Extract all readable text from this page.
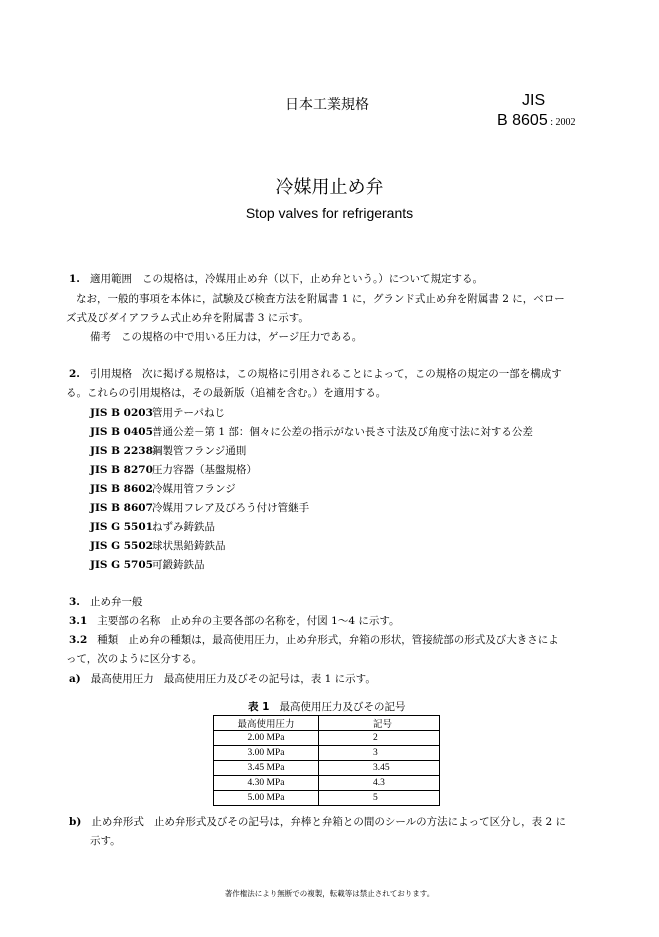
日本工業規格	JIS
B 8605 : 2002
冷媒用止め弁
Stop valves for refrigerants
1. 適用範囲 この規格は，冷媒用止め弁（以下，止め弁という。）について規定する。
なお，一般的事項を本体に，試験及び検査方法を附属書 1 に，グランド式止め弁を附属書 2 に，ベロー
ズ式及びダイアフラム式止め弁を附属書 3 に示す。
備考 この規格の中で用いる圧力は，ゲージ圧力である。
2. 引用規格 次に掲げる規格は，この規格に引用されることによって，この規格の規定の一部を構成す
る。これらの引用規格は，その最新版（追補を含む。）を適用する。
JIS B 0203管用テーパねじ
JIS B 0405普通公差－第 1 部：個々に公差の指示がない長さ寸法及び角度寸法に対する公差
JIS B 2238鋼製管フランジ通則
JIS B 8270圧力容器（基盤規格）
JIS B 8602冷媒用管フランジ
JIS B 8607冷媒用フレア及びろう付け管継手
JIS G 5501ねずみ鋳鉄品
JIS G 5502球状黒鉛鋳鉄品
JIS G 5705可鍛鋳鉄品
3. 止め弁一般
3.1 主要部の名称 止め弁の主要各部の名称を，付図 1～4 に示す。
3.2 種類 止め弁の種類は，最高使用圧力，止め弁形式，弁箱の形状，管接続部の形式及び大きさによ
って，次のように区分する。
a) 最高使用圧力 最高使用圧力及びその記号は，表 1 に示す。
表 1 最高使用圧力及びその記号
最高使用圧力	記号
2.00 MPa	2
3.00 MPa	3
3.45 MPa	3.45
4.30 MPa	4.3
5.00 MPa	5
b) 止め弁形式 止め弁形式及びその記号は，弁棒と弁箱との間のシールの方法によって区分し，表 2 に
示す。
著作権法により無断での複製，転載等は禁止されております。
